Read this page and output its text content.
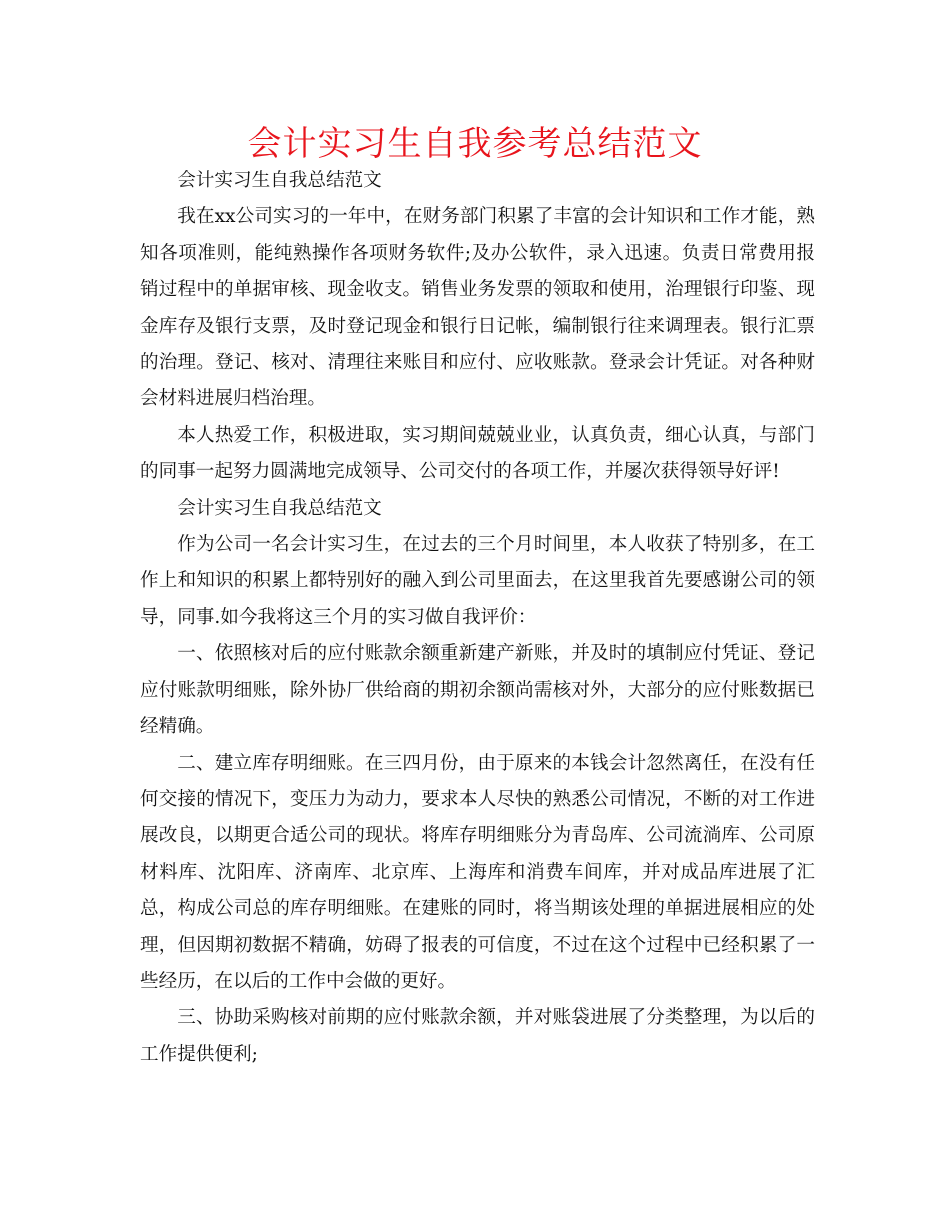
会计实习生自我参考总结范文

会计实习生自我总结范文

我在xx公司实习的一年中，在财务部门积累了丰富的会计知识和工作才能，熟知各项准则，能纯熟操作各项财务软件;及办公软件，录入迅速。负责日常费用报销过程中的单据审核、现金收支。销售业务发票的领取和使用，治理银行印鉴、现金库存及银行支票，及时登记现金和银行日记帐，编制银行往来调理表。银行汇票的治理。登记、核对、清理往来账目和应付、应收账款。登录会计凭证。对各种财会材料进展归档治理。

本人热爱工作，积极进取，实习期间兢兢业业，认真负责，细心认真，与部门的同事一起努力圆满地完成领导、公司交付的各项工作，并屡次获得领导好评!

会计实习生自我总结范文

作为公司一名会计实习生，在过去的三个月时间里，本人收获了特别多，在工作上和知识的积累上都特别好的融入到公司里面去，在这里我首先要感谢公司的领导，同事.如今我将这三个月的实习做自我评价：

一、依照核对后的应付账款余额重新建产新账，并及时的填制应付凭证、登记应付账款明细账，除外协厂供给商的期初余额尚需核对外，大部分的应付账数据已经精确。

二、建立库存明细账。在三四月份，由于原来的本钱会计忽然离任，在没有任何交接的情况下，变压力为动力，要求本人尽快的熟悉公司情况，不断的对工作进展改良，以期更合适公司的现状。将库存明细账分为青岛库、公司流淌库、公司原材料库、沈阳库、济南库、北京库、上海库和消费车间库，并对成品库进展了汇总，构成公司总的库存明细账。在建账的同时，将当期该处理的单据进展相应的处理，但因期初数据不精确，妨碍了报表的可信度，不过在这个过程中已经积累了一些经历，在以后的工作中会做的更好。

三、协助采购核对前期的应付账款余额，并对账袋进展了分类整理，为以后的工作提供便利;
